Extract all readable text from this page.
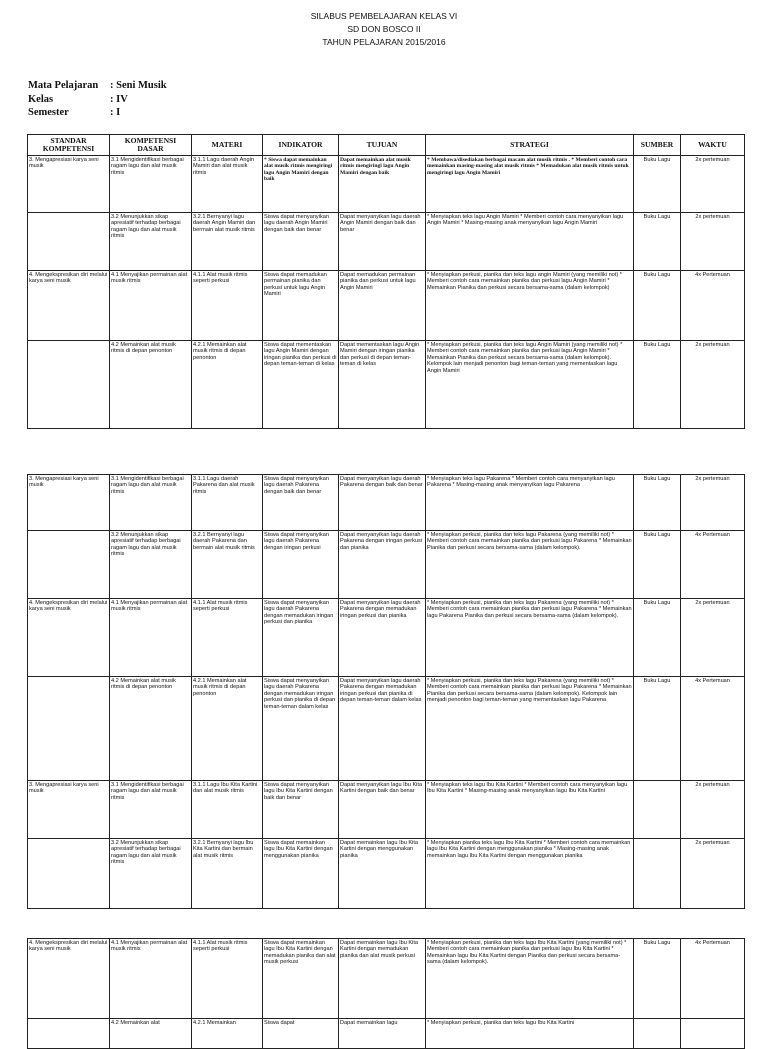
SILABUS PEMBELAJARAN KELAS VI
SD DON BOSCO II
TAHUN PELAJARAN 2015/2016
Mata Pelajaran	: Seni Musik
Kelas	: IV
Semester	: I
STANDAR KOMPETENSI	KOMPETENSI DASAR	MATERI	INDIKATOR	TUJUAN	STRATEGI	SUMBER	WAKTU
3. Mengapresiasi karya seni musik	3.1 Mengidentifikasi berbagai ragam lagu dan alat musik ritmis	3.1.1 Lagu daerah Angin Mamiri dan alat musik ritmis	* Siswa dapat memainkan alat musik ritmis mengiringi lagu Angin Mamiri dengan baik	Dapat memainkan alat musik ritmis mengiringi lagu Angin Mamiri dengan baik	* Membawa/disediakan berbagai macam alat musik ritmis . * Memberi contoh cara memainkan masing-masing alat musik ritmis * Memadukan alat musik ritmis untuk mengiringi lagu Angin Mamiri	Buku Lagu	2x pertemuan
	3.2 Menunjukkan sikap apresiatif terhadap berbagai ragam lagu dan alat musik ritmis	3.2.1 Bernyanyi lagu daerah Angin Mamiri dan bermain alat musik ritmis	Siswa dapat menyanyikan lagu daerah Angin Mamiri dengan baik dan benar	Dapat menyanyikan lagu daerah Angin Mamiri dengan baik dan benar	* Menyiapkan teks lagu Angin Mamiri * Memberi contoh cara menyanyikan lagu Angin Mamiri * Masing-masing anak menyanyikan lagu Angin Mamiri	Buku Lagu	2x pertemuan
4. Mengekspresikan diri melalui karya seni musik	4.1 Menyajikan permainan alat musik ritmis	4.1.1 Alat musik ritmis seperti perkusi	Siswa dapat memadukan permainan pianika dan perkusi untuk lagu Angin Mamiri	Dapat memadukan permainan pianika dan perkusi untuk lagu Angin Mamiri	* Menyiapkan perkusi, pianika dan teks lagu angin Mamiri (yang memiliki not) * Memberi contoh cara memainkan pianika dan perkusi lagu Angin Mamiri * Memainkan Pianika dan perkusi secara bersama-sama (dalam kelompok)	Buku Lagu	4x Pertemuan
	4.2 Memainkan alat musik ritmis di depan penonton	4.2.1 Memainkan alat musik ritmis di depan penonton	Siswa dapat mementaskan lagu Angin Mamiri dengan iringan pianika dan perkusi di depan teman-teman di kelas	Dapat mementaskan lagu Angin Mamiri dengan iringan pianika dan perkusi di depan teman-teman di kelas	* Menyiapkan perkusi, pianika dan teks lagu Angin Mamiri (yang memiliki not) * Memberi contoh cara memainkan pianika dan perkusi lagu Angin Mamiri * Memainkan Pianika dan perkusi secara bersama-sama (dalam kelompok). Kelompok lain menjadi penonton bagi teman-teman yang mementaskan lagu Angin Mamiri	Buku Lagu	2x pertemuan
3. Mengapresiasi karya seni musik	3.1 Mengidentifikasi berbagai ragam lagu dan alat musik ritmis	3.1.1 Lagu daerah Pakarena dan alat musik ritmis	Siswa dapat menyanyikan lagu daerah Pakarena dengan baik dan benar	Dapat menyanyikan lagu daerah Pakarena dengan baik dan benar	* Menyiapkan teks lagu Pakarena * Memberi contoh cara menyanyikan lagu Pakarena * Masing-masing anak menyanyikan lagu Pakarena	Buku Lagu	2x pertemuan
	3.2 Menunjukkan sikap apresiatif terhadap berbagai ragam lagu dan alat musik ritmis	3.2.1 Bernyanyi lagu daerah Pakarena dan bermain alat musik ritmis	Siswa dapat menyanyikan lagu daerah Pakarena dengan iringan perkusi	Dapat menyanyikan lagu daerah Pakarena dengan iringan perkusi dan pianika	* Menyiapkan perkusi, pianika dan teks lagu Pakarena (yang memiliki not) * Memberi contoh cara memainkan pianika dan perkusi lagu Pakarena * Memainkan Pianika dan perkusi secara bersama-sama (dalam kelompok).	Buku Lagu	4x Pertemuan
4. Mengekspresikan diri melalui karya seni musik	4.1 Menyajikan permainan alat musik ritmis	4.1.1 Alat musik ritmis seperti perkusi	Siswa dapat menyanyikan lagu daerah Pakarena dengan memadukan iringan perkusi dan pianika	Dapat menyanyikan lagu daerah Pakarena dengan memadukan iringan perkusi dan pianika	* Menyiapkan perkusi, pianika dan teks lagu Pakarena (yang memiliki not) * Memberi contoh cara memainkan pianika dan perkusi lagu Pakarena * Memainkan lagu Pakarena Pianika dan perkusi secara bersama-sama (dalam kelompok).	Buku Lagu	2x pertemuan
	4.2 Memainkan alat musik ritmis di depan penonton	4.2.1 Memainkan alat musik ritmis di depan penonton	Siswa dapat menyanyikan lagu daerah Pakarena dengan memadukan iringan perkusi dan pianika di depan teman-teman dalam kelas	Dapat menyanyikan lagu daerah Pakarena dengan memadukan iringan perkusi dan pianika di depan teman-teman dalam kelas	* Menyiapkan perkusi, pianika dan teks lagu Pakarena (yang memiliki not) * Memberi contoh cara memainkan pianika dan perkusi lagu Pakarena * Memainkan Pianika dan perkusi secara bersama-sama (dalam kelompok). Kelompok lain menjadi penonton bagi teman-teman yang mementaskan lagu Pakarena	Buku Lagu	4x Pertemuan
3. Mengapresiasi karya seni musik	3.1 Mengidentifikasi berbagai ragam lagu dan alat musik ritmis	3.1.1 Lagu Ibu Kita Kartini dan alat musik ritmis	Siswa dapat menyanyikan lagu Ibu Kita Kartini dengan baik dan benar	Dapat menyanyikan lagu Ibu Kita Kartini dengan baik dan benar	* Menyiapkan teks lagu Ibu Kita Kartini * Memberi contoh cara menyanyikan lagu Ibu Kita Kartini * Masing-masing anak menyanyikan lagu Ibu Kita Kartini		2x pertemuan
	3.2 Menunjukkan sikap apresiatif terhadap berbagai ragam lagu dan alat musik ritmis	3.2.1 Bernyanyi lagu Ibu Kita Kartini dan bermain alat musik ritmis	Siswa dapat memainkan lagu Ibu Kita Kartini dengan menggunakan pianika	Dapat memainkan lagu Ibu Kita Kartini dengan menggunakan pianika	* Menyiapkan pianika teks lagu Ibu Kita Kartini * Memberi contoh cara memainkan lagu Ibu Kita Kartini dengan menggunakan pianika * Masing-masing anak memainkan lagu Ibu Kita Kartini dengan menggunakan pianika		2x pertemuan
4. Mengekspresikan diri melalui karya seni musik	4.1 Menyajikan permainan alat musik ritmis	4.1.1 Alat musik ritmis seperti perkusi	Siswa dapat memainkan lagu Ibu Kita Kartini dengan memadukan pianika dan alat musik perkusi	Dapat memainkan lagu Ibu Kita Kartini dengan memadukan pianika dan alat musik perkusi	* Menyiapkan perkusi, pianika dan teks lagu Ibu Kita Kartini (yang memiliki not) * Memberi contoh cara memainkan pianika dan perkusi lagu Ibu Kita Kartini * Memainkan lagu Ibu Kita Kartini dengan Pianika dan perkusi secara bersama-sama (dalam kelompok).	Buku Lagu	4x Pertemuan
	4.2 Memainkan alat	4.2.1 Memainkan	Siswa dapat	Dapat memainkan lagu	* Menyiapkan perkusi, pianika dan teks lagu Ibu Kita Kartini		
